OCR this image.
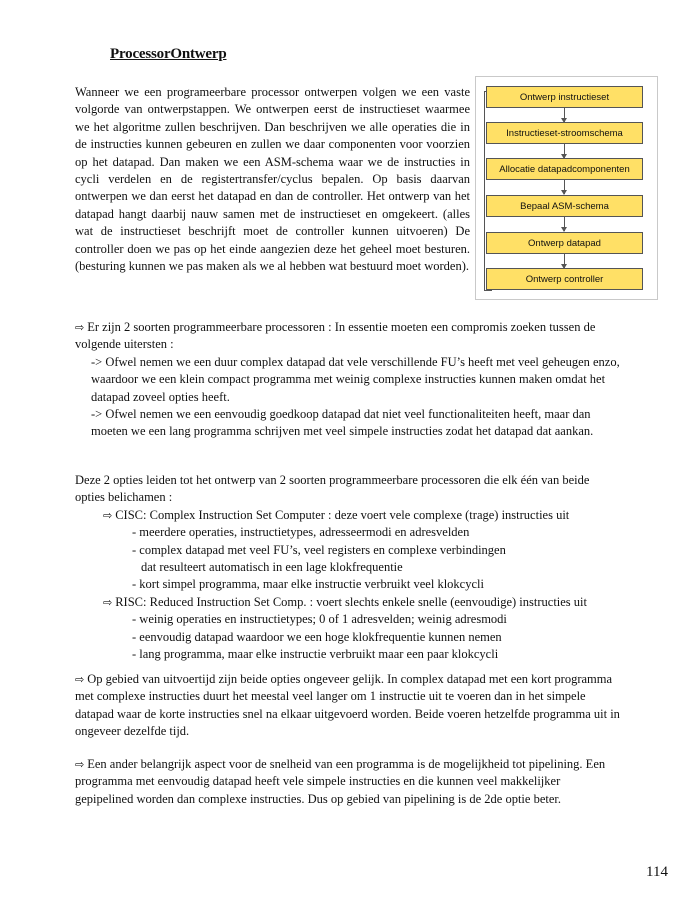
ProcessorOntwerp
Wanneer we een programeerbare processor ontwerpen volgen we een vaste volgorde van ontwerpstappen. We ontwerpen eerst de instructieset waarmee we het algoritme zullen beschrijven. Dan beschrijven we alle operaties die in de instructies kunnen gebeuren en zullen we daar componenten voor voorzien op het datapad. Dan maken we een ASM-schema waar we de instructies in cycli verdelen en de registertransfer/cyclus bepalen. Op basis daarvan ontwerpen we dan eerst het datapad en dan de controller. Het ontwerp van het datapad hangt daarbij nauw samen met de instructieset en omgekeert. (alles wat de instructieset beschrijft moet de controller kunnen uitvoeren) De controller doen we pas op het einde aangezien deze het geheel moet besturen. (besturing kunnen we pas maken als we al hebben wat bestuurd moet worden).
Ontwerp instructieset
Instructieset-stroomschema
Allocatie datapadcomponenten
Bepaal ASM-schema
Ontwerp datapad
Ontwerp controller
⇨ Er zijn 2 soorten programmeerbare processoren : In essentie moeten een compromis zoeken tussen de volgende uitersten :
-> Ofwel nemen we een duur complex datapad dat vele verschillende FU’s heeft met veel geheugen enzo, waardoor we een klein compact programma met weinig complexe instructies kunnen maken omdat het datapad zoveel opties heeft.
-> Ofwel nemen we een eenvoudig goedkoop datapad dat niet veel functionaliteiten heeft, maar dan moeten we een lang programma schrijven met veel simpele instructies zodat het datapad dat aankan.
Deze 2 opties leiden tot het ontwerp van 2 soorten programmeerbare processoren die elk één van beide opties belichamen :
⇨ CISC: Complex Instruction Set Computer : deze voert vele complexe (trage) instructies uit
- meerdere operaties, instructietypes, adresseermodi en adresvelden
- complex datapad met veel FU’s, veel registers en complexe verbindingen
dat resulteert automatisch in een lage klokfrequentie
- kort simpel programma, maar elke instructie verbruikt veel klokcycli
⇨ RISC: Reduced Instruction Set Comp. : voert slechts enkele snelle (eenvoudige) instructies uit
- weinig operaties en instructietypes; 0 of 1 adresvelden; weinig adresmodi
- eenvoudig datapad waardoor we een hoge klokfrequentie kunnen nemen
- lang programma, maar elke instructie verbruikt maar een paar klokcycli
⇨ Op gebied van uitvoertijd zijn beide opties ongeveer gelijk. In complex datapad met een kort programma met complexe instructies duurt het meestal veel langer om 1 instructie uit te voeren dan in het simpele datapad waar de korte instructies snel na elkaar uitgevoerd worden. Beide voeren hetzelfde programma uit in ongeveer dezelfde tijd.
⇨ Een ander belangrijk aspect voor de snelheid van een programma is de mogelijkheid tot pipelining. Een programma met eenvoudig datapad heeft vele simpele instructies en die kunnen veel makkelijker gepipelined worden dan complexe instructies. Dus op gebied van pipelining is de 2de optie beter.
114
